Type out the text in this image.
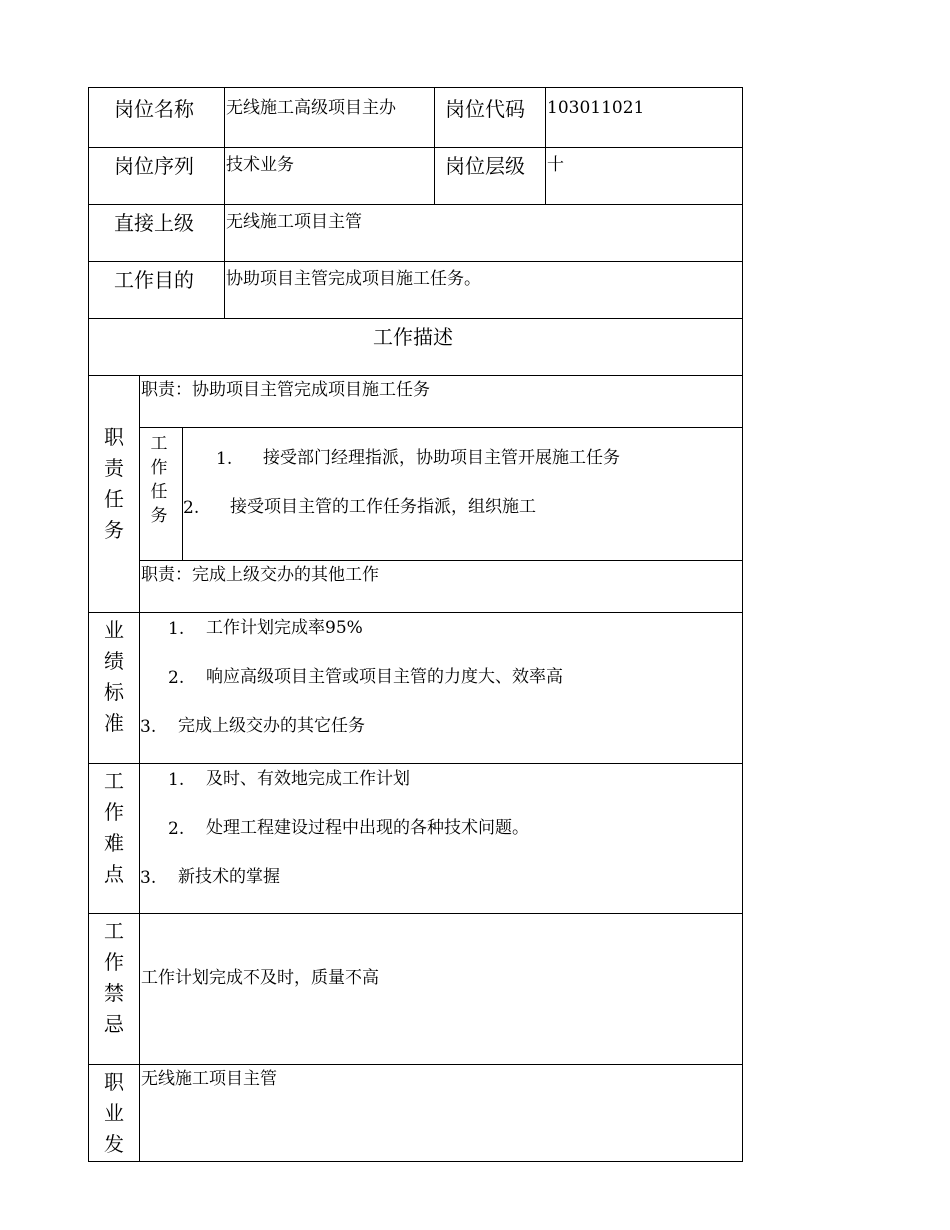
岗位名称 无线施工高级项目主办 岗位代码 103011021
岗位序列 技术业务	岗位层级 十
直接上级 无线施工项目主管
工作目的 协助项目主管完成项目施工任务。
工作描述
职责任务
职责：协助项目主管完成项目施工任务
工作任务
1. 接受部门经理指派，协助项目主管开展施工任务
2. 接受项目主管的工作任务指派，组织施工
职责：完成上级交办的其他工作
业绩标准
1. 工作计划完成率95%
2. 响应高级项目主管或项目主管的力度大、效率高
3. 完成上级交办的其它任务
工作难点
1. 及时、有效地完成工作计划
2. 处理工程建设过程中出现的各种技术问题。
3. 新技术的掌握
工作禁忌
工作计划完成不及时，质量不高
职业发
无线施工项目主管
